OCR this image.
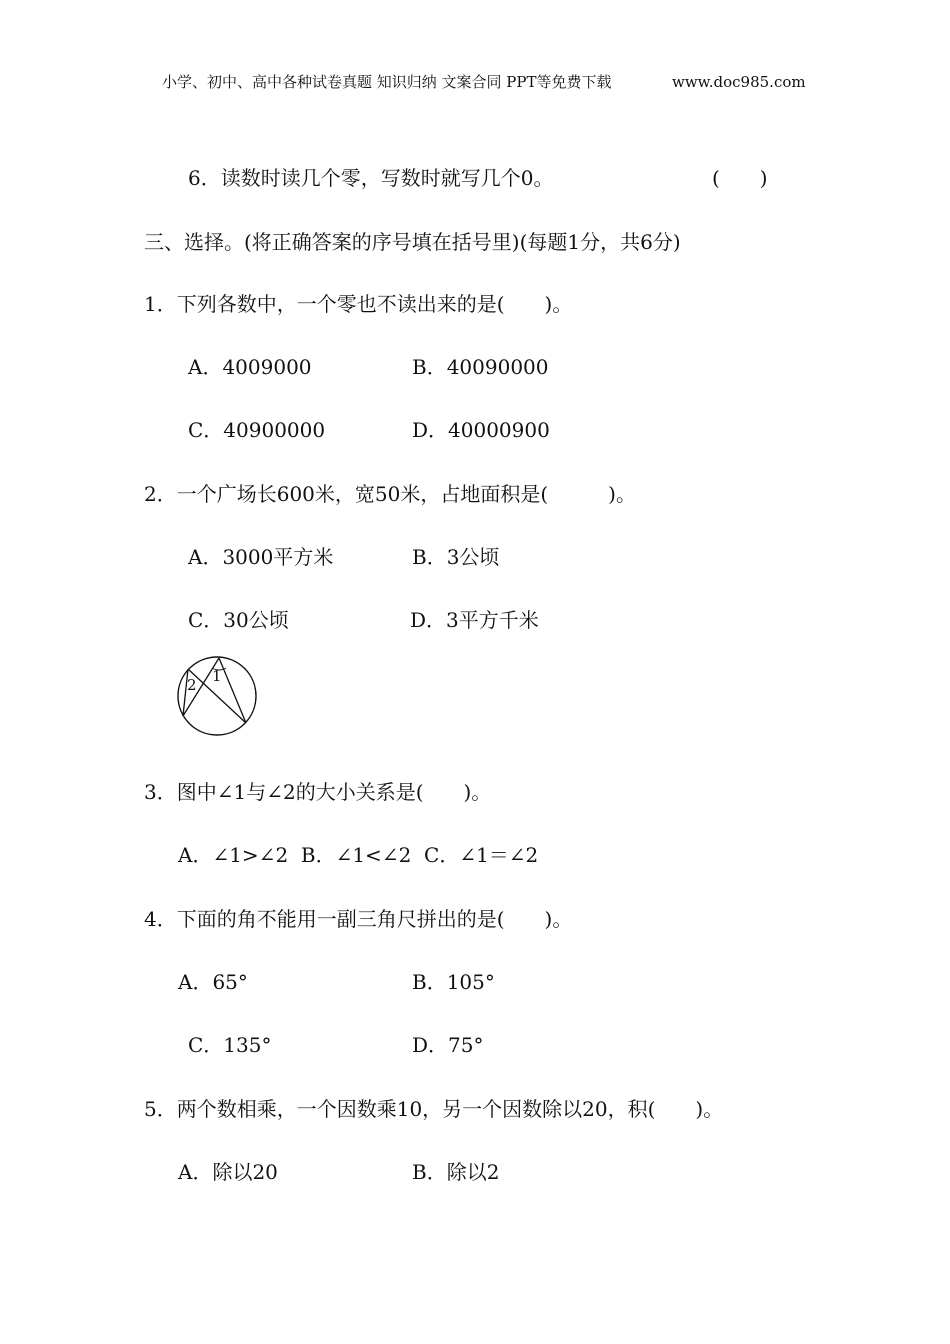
小学、初中、高中各种试卷真题 知识归纳 文案合同 PPT等免费下载	www.doc985.com
6．读数时读几个零，写数时就写几个0。	(　　)
三、选择。(将正确答案的序号填在括号里)(每题1分，共6分)
1．下列各数中，一个零也不读出来的是(　　)。
A．4009000	B．40090000
C．40900000	D．40000900
2．一个广场长600米，宽50米，占地面积是(　　　)。
A．3000平方米	B．3公顷
C．30公顷	D．3平方千米
1
2
3．图中∠1与∠2的大小关系是(　　)。
A．∠1>∠2  B．∠1<∠2  C．∠1＝∠2
4．下面的角不能用一副三角尺拼出的是(　　)。
A．65°	B．105°
C．135°	D．75°
5．两个数相乘，一个因数乘10，另一个因数除以20，积(　　)。
A．除以20	B．除以2
